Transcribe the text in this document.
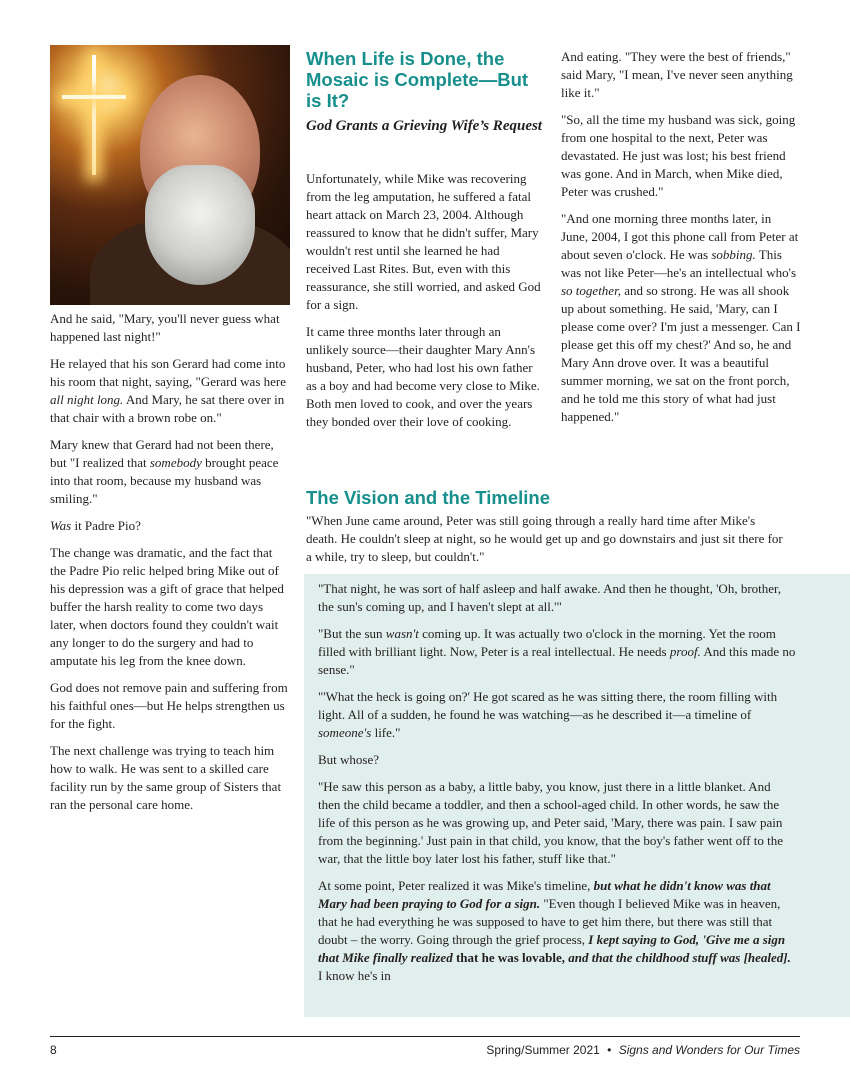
And he said, "Mary, you'll never guess what happened last night!"

He relayed that his son Gerard had come into his room that night, saying, "Gerard was here all night long. And Mary, he sat there over in that chair with a brown robe on."

Mary knew that Gerard had not been there, but "I realized that somebody brought peace into that room, because my husband was smiling."

Was it Padre Pio?

The change was dramatic, and the fact that the Padre Pio relic helped bring Mike out of his depression was a gift of grace that helped buffer the harsh reality to come two days later, when doctors found they couldn't wait any longer to do the surgery and had to amputate his leg from the knee down.

God does not remove pain and suffering from his faithful ones—but He helps strengthen us for the fight.

The next challenge was trying to teach him how to walk. He was sent to a skilled care facility run by the same group of Sisters that ran the personal care home.

When Life is Done, the Mosaic is Complete—But is It?
God Grants a Grieving Wife’s Request

Unfortunately, while Mike was recovering from the leg amputation, he suffered a fatal heart attack on March 23, 2004. Although reassured to know that he didn't suffer, Mary wouldn't rest until she learned he had received Last Rites. But, even with this reassurance, she still worried, and asked God for a sign.

It came three months later through an unlikely source—their daughter Mary Ann's husband, Peter, who had lost his own father as a boy and had become very close to Mike. Both men loved to cook, and over the years they bonded over their love of cooking.

And eating. "They were the best of friends," said Mary, "I mean, I've never seen anything like it."

"So, all the time my husband was sick, going from one hospital to the next, Peter was devastated. He just was lost; his best friend was gone. And in March, when Mike died, Peter was crushed."

"And one morning three months later, in June, 2004, I got this phone call from Peter at about seven o'clock. He was sobbing. This was not like Peter—he's an intellectual who's so together, and so strong. He was all shook up about something. He said, 'Mary, can I please come over? I'm just a messenger. Can I please get this off my chest?' And so, he and Mary Ann drove over. It was a beautiful summer morning, we sat on the front porch, and he told me this story of what had just happened."

The Vision and the Timeline

"When June came around, Peter was still going through a really hard time after Mike's death. He couldn't sleep at night, so he would get up and go downstairs and just sit there for a while, try to sleep, but couldn't."

"That night, he was sort of half asleep and half awake. And then he thought, 'Oh, brother, the sun's coming up, and I haven't slept at all.'"

"But the sun wasn't coming up. It was actually two o'clock in the morning. Yet the room filled with brilliant light. Now, Peter is a real intellectual. He needs proof. And this made no sense."

"'What the heck is going on?' He got scared as he was sitting there, the room filling with light. All of a sudden, he found he was watching—as he described it—a timeline of someone's life."

But whose?

"He saw this person as a baby, a little baby, you know, just there in a little blanket. And then the child became a toddler, and then a school-aged child. In other words, he saw the life of this person as he was growing up, and Peter said, 'Mary, there was pain. I saw pain from the beginning.' Just pain in that child, you know, that the boy's father went off to the war, that the little boy later lost his father, stuff like that."

At some point, Peter realized it was Mike's timeline, but what he didn't know was that Mary had been praying to God for a sign. "Even though I believed Mike was in heaven, that he had everything he was supposed to have to get him there, but there was still that doubt – the worry. Going through the grief process, I kept saying to God, 'Give me a sign that Mike finally realized that he was lovable, and that the childhood stuff was [healed]. I know he's in

8	Spring/Summer 2021 • Signs and Wonders for Our Times
